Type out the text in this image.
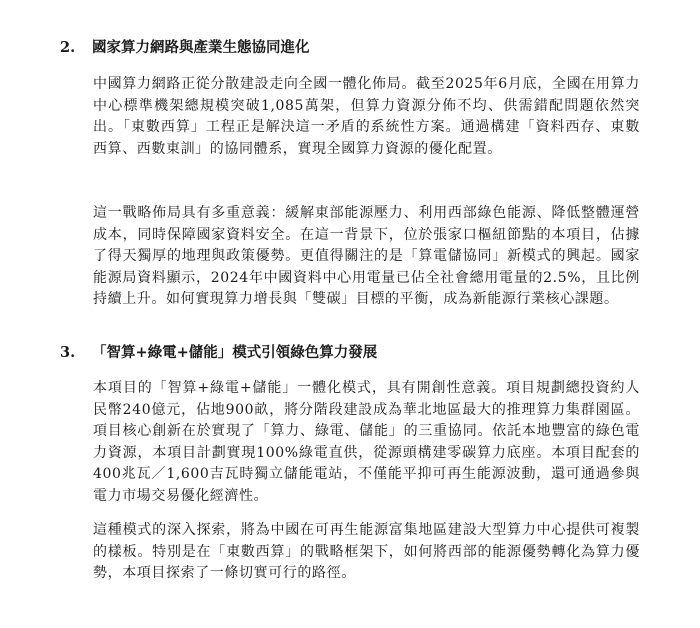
2. 國家算力網路與產業生態協同進化

中國算力網路正從分散建設走向全國一體化佈局。截至2025年6月底，全國在用算力中心標準機架總規模突破1,085萬架，但算力資源分佈不均、供需錯配問題依然突出。「東數西算」工程正是解決這一矛盾的系統性方案。通過構建「資料西存、東數西算、西數東訓」的協同體系，實現全國算力資源的優化配置。

這一戰略佈局具有多重意義：緩解東部能源壓力、利用西部綠色能源、降低整體運營成本，同時保障國家資料安全。在這一背景下，位於張家口樞紐節點的本項目，佔據了得天獨厚的地理與政策優勢。更值得關注的是「算電儲協同」新模式的興起。國家能源局資料顯示，2024年中國資料中心用電量已佔全社會總用電量的2.5%，且比例持續上升。如何實現算力增長與「雙碳」目標的平衡，成為新能源行業核心課題。

3. 「智算+綠電+儲能」模式引領綠色算力發展

本項目的「智算+綠電+儲能」一體化模式，具有開創性意義。項目規劃總投資約人民幣240億元，佔地900畝，將分階段建設成為華北地區最大的推理算力集群園區。項目核心創新在於實現了「算力、綠電、儲能」的三重協同。依託本地豐富的綠色電力資源，本項目計劃實現100%綠電直供，從源頭構建零碳算力底座。本項目配套的400兆瓦／1,600吉瓦時獨立儲能電站，不僅能平抑可再生能源波動，還可通過參與電力市場交易優化經濟性。

這種模式的深入探索，將為中國在可再生能源富集地區建設大型算力中心提供可複製的樣板。特別是在「東數西算」的戰略框架下，如何將西部的能源優勢轉化為算力優勢，本項目探索了一條切實可行的路徑。
